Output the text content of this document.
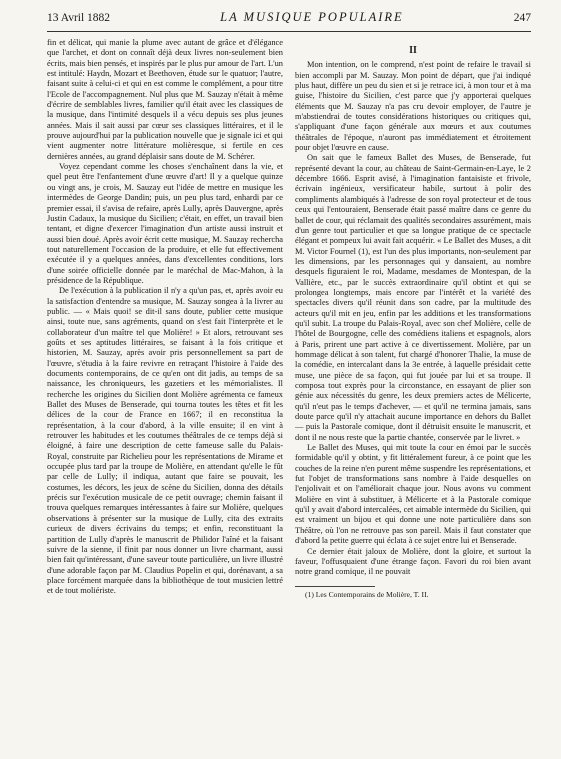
13 Avril 1882	LA MUSIQUE POPULAIRE	247

fin et délicat, qui manie la plume avec autant de grâce et d'élégance que l'archet, et dont on connaît déjà deux livres non-seulement bien écrits, mais bien pensés, et inspirés par le plus pur amour de l'art. L'un est intitulé: Haydn, Mozart et Beethoven, étude sur le quatuor; l'autre, faisant suite à celui-ci et qui en est comme le complément, a pour titre l'Ecole de l'accompagnement. Nul plus que M. Sauzay n'était à même d'écrire de semblables livres, familier qu'il était avec les classiques de la musique, dans l'intimité desquels il a vécu depuis ses plus jeunes années. Mais il sait aussi par cœur ses classiques littéraires, et il le prouve aujourd'hui par la publication nouvelle que je signale ici et qui vient augmenter notre littérature molièresque, si fertile en ces dernières années, au grand déplaisir sans doute de M. Schérer.

Voyez cependant comme les choses s'enchaînent dans la vie, et quel peut être l'enfantement d'une œuvre d'art! Il y a quelque quinze ou vingt ans, je crois, M. Sauzay eut l'idée de mettre en musique les intermèdes de George Dandin; puis, un peu plus tard, enhardi par ce premier essai, il s'avisa de refaire, après Lully, après Dauvergne, après Justin Cadaux, la musique du Sicilien; c'était, en effet, un travail bien tentant, et digne d'exercer l'imagination d'un artiste aussi instruit et aussi bien doué. Après avoir écrit cette musique, M. Sauzay rechercha tout naturellement l'occasion de la produire, et elle fut effectivement exécutée il y a quelques années, dans d'excellentes conditions, lors d'une soirée officielle donnée par le maréchal de Mac-Mahon, à la présidence de la République.

De l'exécution à la publication il n'y a qu'un pas, et, après avoir eu la satisfaction d'entendre sa musique, M. Sauzay songea à la livrer au public. — « Mais quoi! se dit-il sans doute, publier cette musique ainsi, toute nue, sans agréments, quand on s'est fait l'interprète et le collaborateur d'un maître tel que Molière! » Et alors, retrouvant ses goûts et ses aptitudes littéraires, se faisant à la fois critique et historien, M. Sauzay, après avoir pris personnellement sa part de l'œuvre, s'étudia à la faire revivre en retraçant l'histoire à l'aide des documents contemporains, de ce qu'en ont dit jadis, au temps de sa naissance, les chroniqueurs, les gazetiers et les mémorialistes. Il recherche les origines du Sicilien dont Molière agrémenta ce fameux Ballet des Muses de Benserade, qui tourna toutes les têtes et fit les délices de la cour de France en 1667; il en reconstitua la représentation, à la cour d'abord, à la ville ensuite; il en vint à retrouver les habitudes et les coutumes théâtrales de ce temps déjà si éloigné, à faire une description de cette fameuse salle du Palais-Royal, construite par Richelieu pour les représentations de Mirame et occupée plus tard par la troupe de Molière, en attendant qu'elle le fût par celle de Lully; il indiqua, autant que faire se pouvait, les costumes, les décors, les jeux de scène du Sicilien, donna des détails précis sur l'exécution musicale de ce petit ouvrage; chemin faisant il trouva quelques remarques intéressantes à faire sur Molière, quelques observations à présenter sur la musique de Lully, cita des extraits curieux de divers écrivains du temps; et enfin, reconstituant la partition de Lully d'après le manuscrit de Philidor l'aîné et la faisant suivre de la sienne, il finit par nous donner un livre charmant, aussi bien fait qu'intéressant, d'une saveur toute particulière, un livre illustré d'une adorable façon par M. Claudius Popelin et qui, dorénavant, a sa place forcément marquée dans la bibliothèque de tout musicien lettré et de tout moliériste.

II

Mon intention, on le comprend, n'est point de refaire le travail si bien accompli par M. Sauzay. Mon point de départ, que j'ai indiqué plus haut, diffère un peu du sien et si je retrace ici, à mon tour et à ma guise, l'histoire du Sicilien, c'est parce que j'y apporterai quelques éléments que M. Sauzay n'a pas cru devoir employer, de l'autre je m'abstiendrai de toutes considérations historiques ou critiques qui, s'appliquant d'une façon générale aux mœurs et aux coutumes théâtrales de l'époque, n'auront pas immédiatement et étroitement pour objet l'œuvre en cause.

On sait que le fameux Ballet des Muses, de Benserade, fut représenté devant la cour, au château de Saint-Germain-en-Laye, le 2 décembre 1666. Esprit avisé, à l'imagination fantaisiste et frivole, écrivain ingénieux, versificateur habile, surtout à polir des compliments alambiqués à l'adresse de son royal protecteur et de tous ceux qui l'entouraient, Benserade était passé maître dans ce genre du ballet de cour, qui réclamait des qualités secondaires assurément, mais d'un genre tout particulier et que sa longue pratique de ce spectacle élégant et pompeux lui avait fait acquérir. « Le Ballet des Muses, a dit M. Victor Fournel (1), est l'un des plus importants, non-seulement par les dimensions, par les personnages qui y dansaient, au nombre desquels figuraient le roi, Madame, mesdames de Montespan, de la Vallière, etc., par le succès extraordinaire qu'il obtint et qui se prolongea longtemps, mais encore par l'intérêt et la variété des spectacles divers qu'il réunit dans son cadre, par la multitude des acteurs qu'il mit en jeu, enfin par les additions et les transformations qu'il subit. La troupe du Palais-Royal, avec son chef Molière, celle de l'hôtel de Bourgogne, celle des comédiens italiens et espagnols, alors à Paris, prirent une part active à ce divertissement. Molière, par un hommage délicat à son talent, fut chargé d'honorer Thalie, la muse de la comédie, en intercalant dans la 3e entrée, à laquelle présidait cette muse, une pièce de sa façon, qui fut jouée par lui et sa troupe. Il composa tout exprès pour la circonstance, en essayant de plier son génie aux nécessités du genre, les deux premiers actes de Mélicerte, qu'il n'eut pas le temps d'achever, — et qu'il ne termina jamais, sans doute parce qu'il n'y attachait aucune importance en dehors du Ballet — puis la Pastorale comique, dont il détruisit ensuite le manuscrit, et dont il ne nous reste que la partie chantée, conservée par le livret. »

Le Ballet des Muses, qui mit toute la cour en émoi par le succès formidable qu'il y obtint, y fit littéralement fureur, à ce point que les couches de la reine n'en purent même suspendre les représentations, et fut l'objet de transformations sans nombre à l'aide desquelles on l'enjolivait et on l'améliorait chaque jour. Nous avons vu comment Molière en vint à substituer, à Mélicerte et à la Pastorale comique qu'il y avait d'abord intercalées, cet aimable intermède du Sicilien, qui est vraiment un bijou et qui donne une note particulière dans son Théâtre, où l'on ne retrouve pas son pareil. Mais il faut constater que d'abord la petite guerre qui éclata à ce sujet entre lui et Benserade.

Ce dernier était jaloux de Molière, dont la gloire, et surtout la faveur, l'offusquaient d'une étrange façon. Favori du roi bien avant notre grand comique, il ne pouvait

(1) Les Contemporains de Molière, T. II.
